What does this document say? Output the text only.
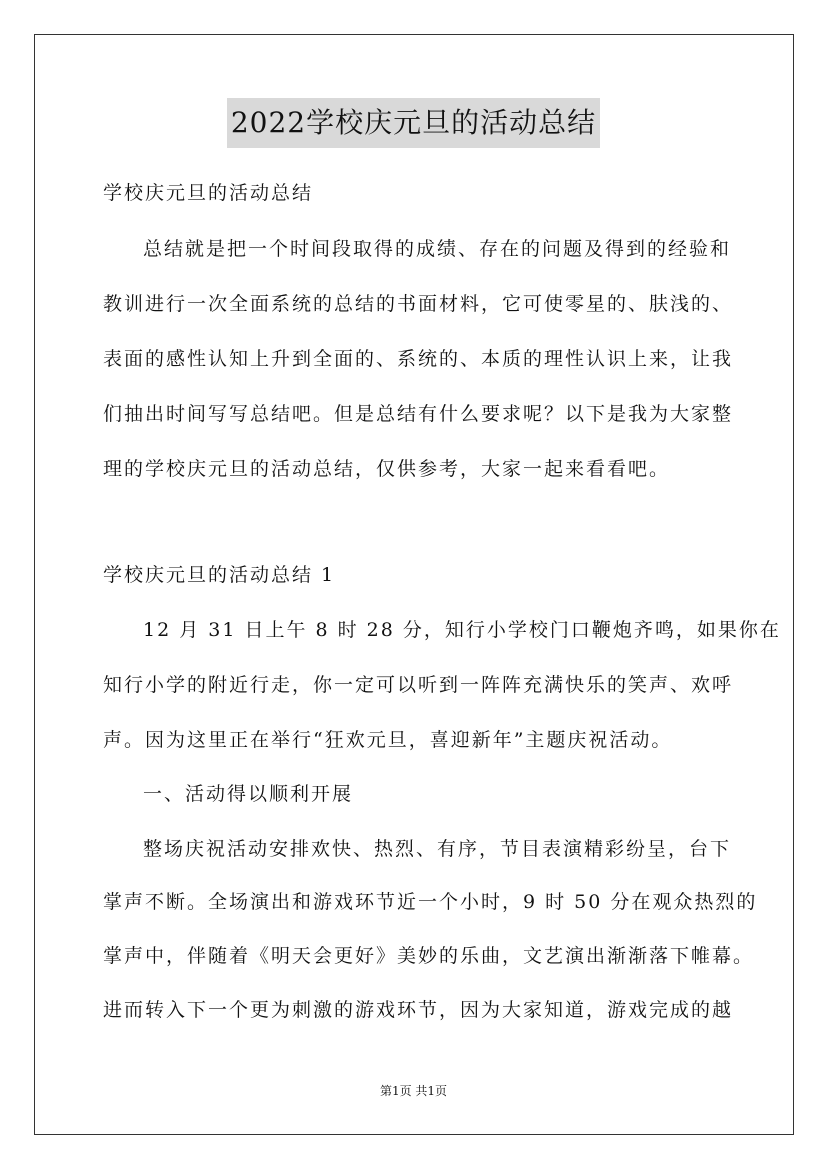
2022学校庆元旦的活动总结
学校庆元旦的活动总结
总结就是把一个时间段取得的成绩、存在的问题及得到的经验和
教训进行一次全面系统的总结的书面材料，它可使零星的、肤浅的、
表面的感性认知上升到全面的、系统的、本质的理性认识上来，让我
们抽出时间写写总结吧。但是总结有什么要求呢？以下是我为大家整
理的学校庆元旦的活动总结，仅供参考，大家一起来看看吧。
学校庆元旦的活动总结 1
12 月 31 日上午 8 时 28 分，知行小学校门口鞭炮齐鸣，如果你在
知行小学的附近行走，你一定可以听到一阵阵充满快乐的笑声、欢呼
声。因为这里正在举行“狂欢元旦，喜迎新年”主题庆祝活动。
一、活动得以顺利开展
整场庆祝活动安排欢快、热烈、有序，节目表演精彩纷呈，台下
掌声不断。全场演出和游戏环节近一个小时，9 时 50 分在观众热烈的
掌声中，伴随着《明天会更好》美妙的乐曲，文艺演出渐渐落下帷幕。
进而转入下一个更为刺激的游戏环节，因为大家知道，游戏完成的越
第1页 共1页
